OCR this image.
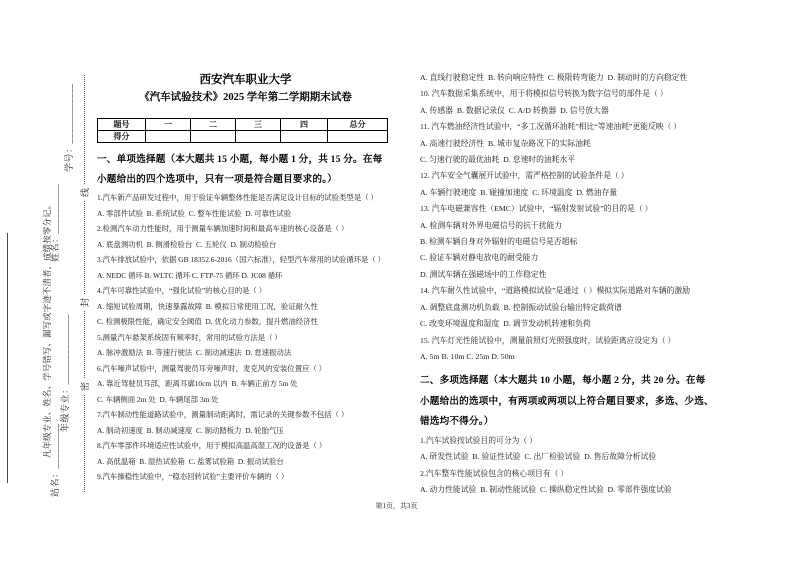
线
封
密
学号：____________
姓名：__________
年级专业：______________
站名：_________
凡年级专业、姓名、学号错写、漏写或字迹不清者，成绩按零分记。
西安汽车职业大学
《汽车试验技术》2025 学年第二学期期末试卷
题号	一	二	三	四	总分
得分					
一、单项选择题（本大题共 15 小题，每小题 1 分，共 15 分。在每
小题给出的四个选项中，只有一项是符合题目要求的。）
1.汽车新产品研发过程中，用于验证车辆整体性能是否满足设计目标的试验类型是（ ）
A. 零部件试验  B. 系统试验  C. 整车性能试验  D. 可靠性试验
2.检测汽车动力性能时，用于测量车辆加速时间和最高车速的核心设备是（ ）
A. 底盘测功机  B. 侧滑检验台  C. 五轮仪  D. 制动检验台
3.汽车排放试验中，依据 GB 18352.6-2016（国六标准），轻型汽车常用的试验循环是（ ）
A. NEDC 循环 B. WLTC 循环 C. FTP-75 循环 D. JC08 循环
4.汽车可靠性试验中，“强化试验”的核心目的是（ ）
A. 缩短试验周期，快速暴露故障  B. 模拟日常使用工况，验证耐久性
C. 检测极限性能，确定安全阈值  D. 优化动力参数，提升燃油经济性
5.测量汽车悬架系统固有频率时，常用的试验方法是（ ）
A. 脉冲激励法  B. 等速行驶法  C. 制动减速法  D. 怠速振动法
6.汽车噪声试验中，测量驾驶员耳旁噪声时，麦克风的安装位置应（ ）
A. 靠近驾驶员耳部，距离耳廓10cm 以内  B. 车辆正前方 5m 处
C. 车辆侧面 2m 处  D. 车辆尾部 3m 处
7.汽车制动性能道路试验中，测量制动距离时，需记录的关键参数不包括（ ）
A. 制动初速度  B. 制动减速度  C. 制动踏板力  D. 轮胎气压
8.汽车零部件环境适应性试验中，用于模拟高温高湿工况的设备是（ ）
A. 高低温箱  B. 湿热试验箱  C. 盐雾试验箱  D. 振动试验台
9.汽车操稳性试验中，“稳态回转试验”主要评价车辆的（ ）
A. 直线行驶稳定性  B. 转向响应特性  C. 极限转弯能力  D. 制动时的方向稳定性
10. 汽车数据采集系统中，用于将模拟信号转换为数字信号的部件是（ ）
A. 传感器  B. 数据记录仪  C. A/D 转换器  D. 信号放大器
11. 汽车燃油经济性试验中，“多工况循环油耗”相比“等速油耗”更能反映（ ）
A. 高速行驶经济性  B. 城市复杂路况下的实际油耗
C. 匀速行驶的最优油耗  D. 怠速时的油耗水平
12. 汽车安全气囊展开试验中，需严格控制的试验条件是（ ）
A. 车辆行驶速度  B. 碰撞加速度  C. 环境温度  D. 燃油存量
13. 汽车电磁兼容性（EMC）试验中，“辐射发射试验”的目的是（ ）
A. 检测车辆对外界电磁信号的抗干扰能力
B. 检测车辆自身对外辐射的电磁信号是否超标
C. 验证车辆对静电放电的耐受能力
D. 测试车辆在强磁场中的工作稳定性
14. 汽车耐久性试验中，“道路模拟试验”是通过（ ）模拟实际道路对车辆的激励
A. 调整底盘测功机负载  B. 控制振动试验台输出特定载荷谱
C. 改变环境温度和湿度  D. 调节发动机转速和负荷
15. 汽车灯光性能试验中，测量前照灯光照强度时，试验距离应设定为（ ）
A. 5m B. 10m C. 25m D. 50m
二、多项选择题（本大题共 10 小题，每小题 2 分，共 20 分。在每
小题给出的选项中，有两项或两项以上符合题目要求，多选、少选、
错选均不得分。）
1.汽车试验按试验目的可分为（ ）
A. 研发性试验  B. 验证性试验  C. 出厂检验试验  D. 售后故障分析试验
2.汽车整车性能试验包含的核心项目有（ ）
A. 动力性能试验  B. 制动性能试验  C. 操纵稳定性试验  D. 零部件强度试验
第1页，共3页
